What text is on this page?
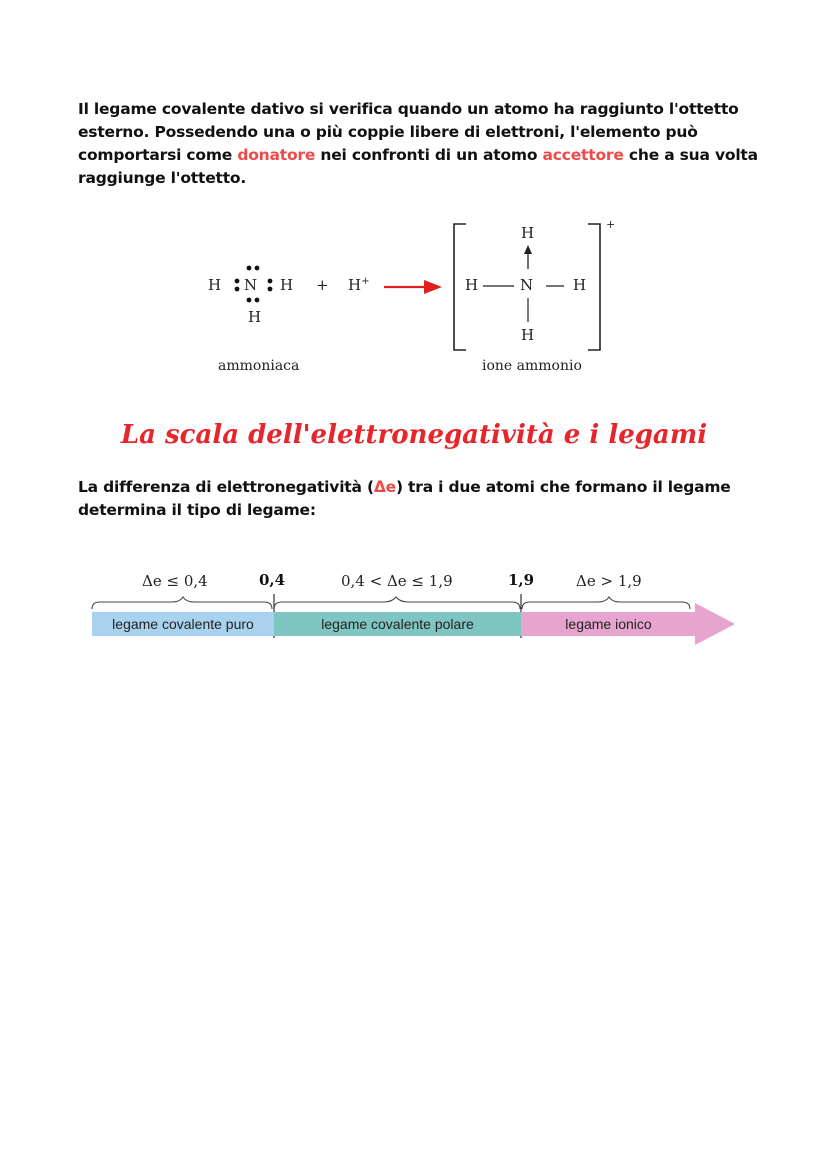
Il legame covalente dativo si verifica quando un atomo ha raggiunto l'ottetto esterno. Possedendo una o più coppie libere di elettroni, l'elemento può comportarsi come donatore nei confronti di un atomo accettore che a sua volta raggiunge l'ottetto.
H N H
H
+ H+ →
H
H	N	H
H
+
ammoniaca	ione ammonio
La scala dell'elettronegatività e i legami
La differenza di elettronegatività (Δe) tra i due atomi che formano il legame determina il tipo di legame:
Δe ≤ 0,4	0,4	0,4 < Δe ≤ 1,9	1,9	Δe > 1,9
legame covalente puro	legame covalente polare	legame ionico
